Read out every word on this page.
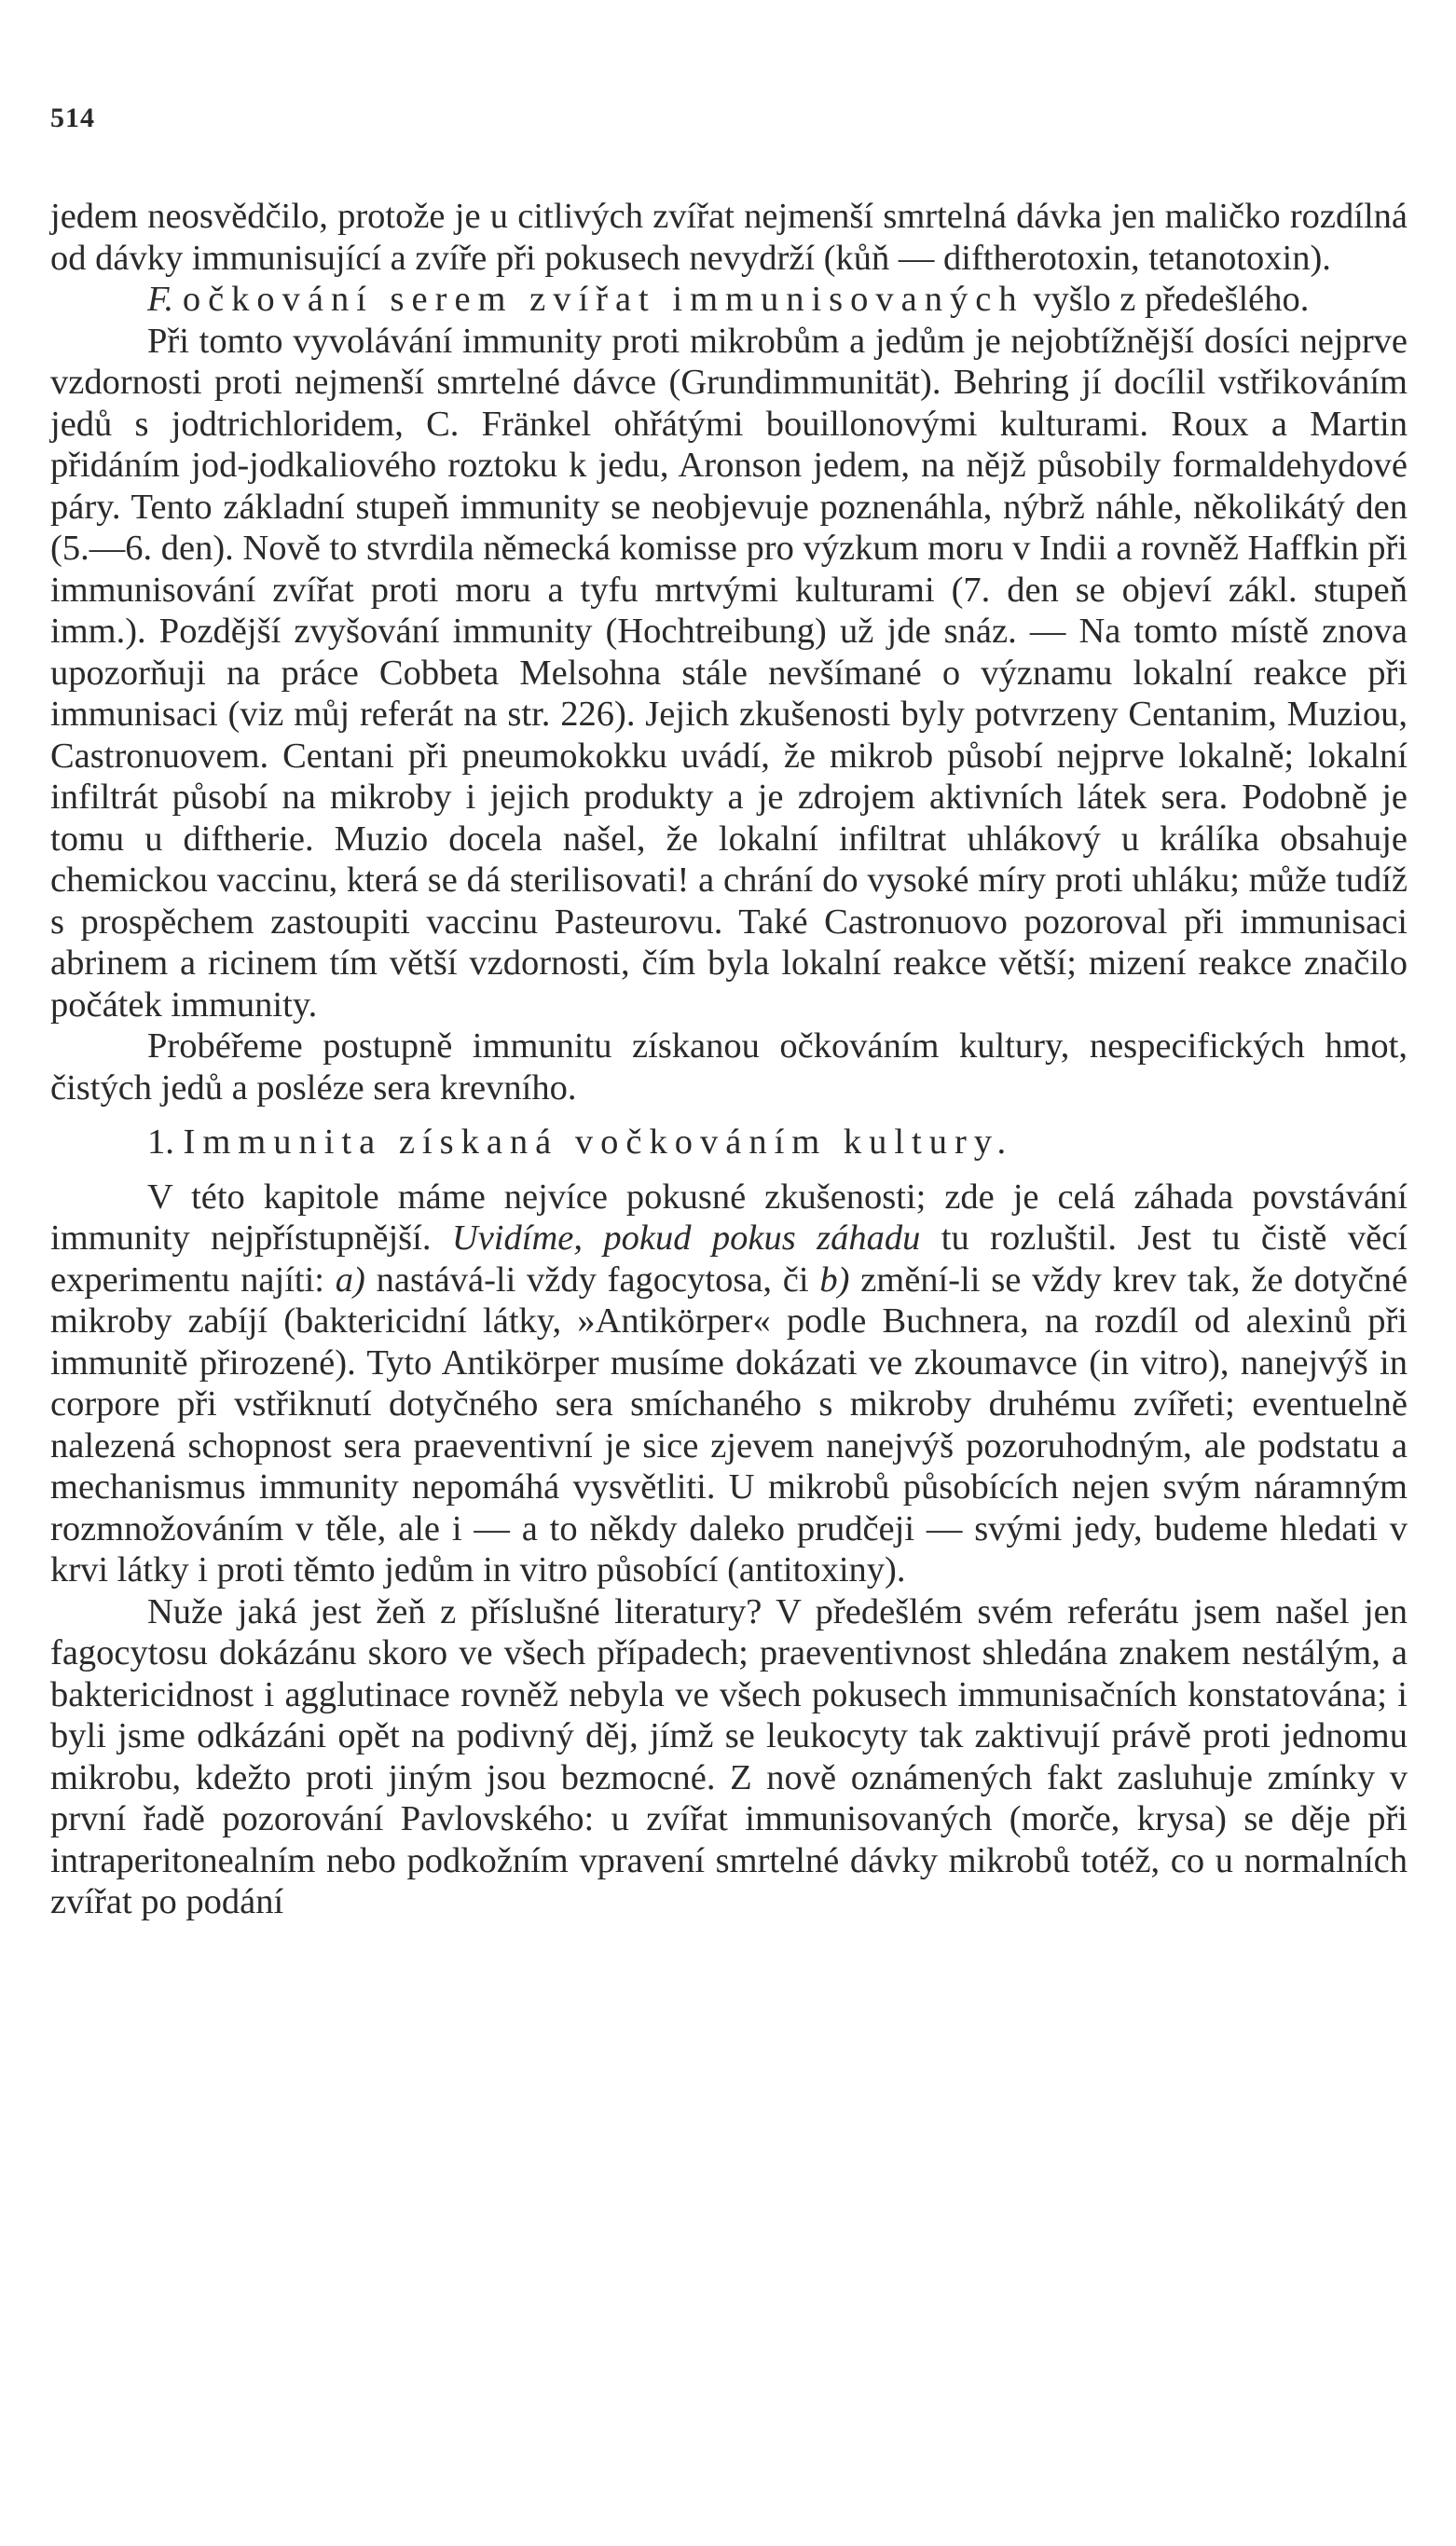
514

jedem neosvědčilo, protože je u citlivých zvířat nejmenší smrtelná dávka jen maličko rozdílná od dávky immunisující a zvíře při pokusech nevydrží (kůň — diftherotoxin, tetanotoxin).

F. očkování serem zvířat immunisovaných vyšlo z předešlého.

Při tomto vyvolávání immunity proti mikrobům a jedům je nejobtížnější dosíci nejprve vzdornosti proti nejmenší smrtelné dávce (Grundimmunität). Behring jí docílil vstřikováním jedů s jodtrichloridem, C. Fränkel ohřátými bouillonovými kulturami. Roux a Martin přidáním jod-jodkaliového roztoku k jedu, Aronson jedem, na nějž působily formaldehydové páry. Tento základní stupeň immunity se neobjevuje poznenáhla, nýbrž náhle, několikátý den (5.—6. den). Nově to stvrdila německá komisse pro výzkum moru v Indii a rovněž Haffkin při immunisování zvířat proti moru a tyfu mrtvými kulturami (7. den se objeví zákl. stupeň imm.). Pozdější zvyšování immunity (Hochtreibung) už jde snáz. — Na tomto místě znova upozorňuji na práce Cobbeta Melsohna stále nevšímané o významu lokalní reakce při immunisaci (viz můj referát na str. 226). Jejich zkušenosti byly potvrzeny Centanim, Muziou, Castronuovem. Centani při pneumokokku uvádí, že mikrob působí nejprve lokalně; lokalní infiltrát působí na mikroby i jejich produkty a je zdrojem aktivních látek sera. Podobně je tomu u diftherie. Muzio docela našel, že lokalní infiltrat uhlákový u králíka obsahuje chemickou vaccinu, která se dá sterilisovati! a chrání do vysoké míry proti uhláku; může tudíž s prospěchem zastoupiti vaccinu Pasteurovu. Také Castronuovo pozoroval při immunisaci abrinem a ricinem tím větší vzdornosti, čím byla lokalní reakce větší; mizení reakce značilo počátek immunity.

Probéřeme postupně immunitu získanou očkováním kultury, nespecifických hmot, čistých jedů a posléze sera krevního.

1. Immunita získaná vočkováním kultury.

V této kapitole máme nejvíce pokusné zkušenosti; zde je celá záhada povstávání immunity nejpřístupnější. Uvidíme, pokud pokus záhadu tu rozluštil. Jest tu čistě věcí experimentu najíti: a) nastává-li vždy fagocytosa, či b) změní-li se vždy krev tak, že dotyčné mikroby zabíjí (baktericidní látky, »Antikörper« podle Buchnera, na rozdíl od alexinů při immunitě přirozené). Tyto Antikörper musíme dokázati ve zkoumavce (in vitro), nanejvýš in corpore při vstřiknutí dotyčného sera smíchaného s mikroby druhému zvířeti; eventuelně nalezená schopnost sera praeventivní je sice zjevem nanejvýš pozoruhodným, ale podstatu a mechanismus immunity nepomáhá vysvětliti. U mikrobů působících nejen svým náramným rozmnožováním v těle, ale i — a to někdy daleko prudčeji — svými jedy, budeme hledati v krvi látky i proti těmto jedům in vitro působící (antitoxiny).

Nuže jaká jest žeň z příslušné literatury? V předešlém svém referátu jsem našel jen fagocytosu dokázánu skoro ve všech případech; praeventivnost shledána znakem nestálým, a baktericidnost i agglutinace rovněž nebyla ve všech pokusech immunisačních konstatována; i byli jsme odkázáni opět na podivný děj, jímž se leukocyty tak zaktivují právě proti jednomu mikrobu, kdežto proti jiným jsou bezmocné. Z nově oznámených fakt zasluhuje zmínky v první řadě pozorování Pavlovského: u zvířat immunisovaných (morče, krysa) se děje při intraperitonealním nebo podkožním vpravení smrtelné dávky mikrobů totéž, co u normalních zvířat po podání
